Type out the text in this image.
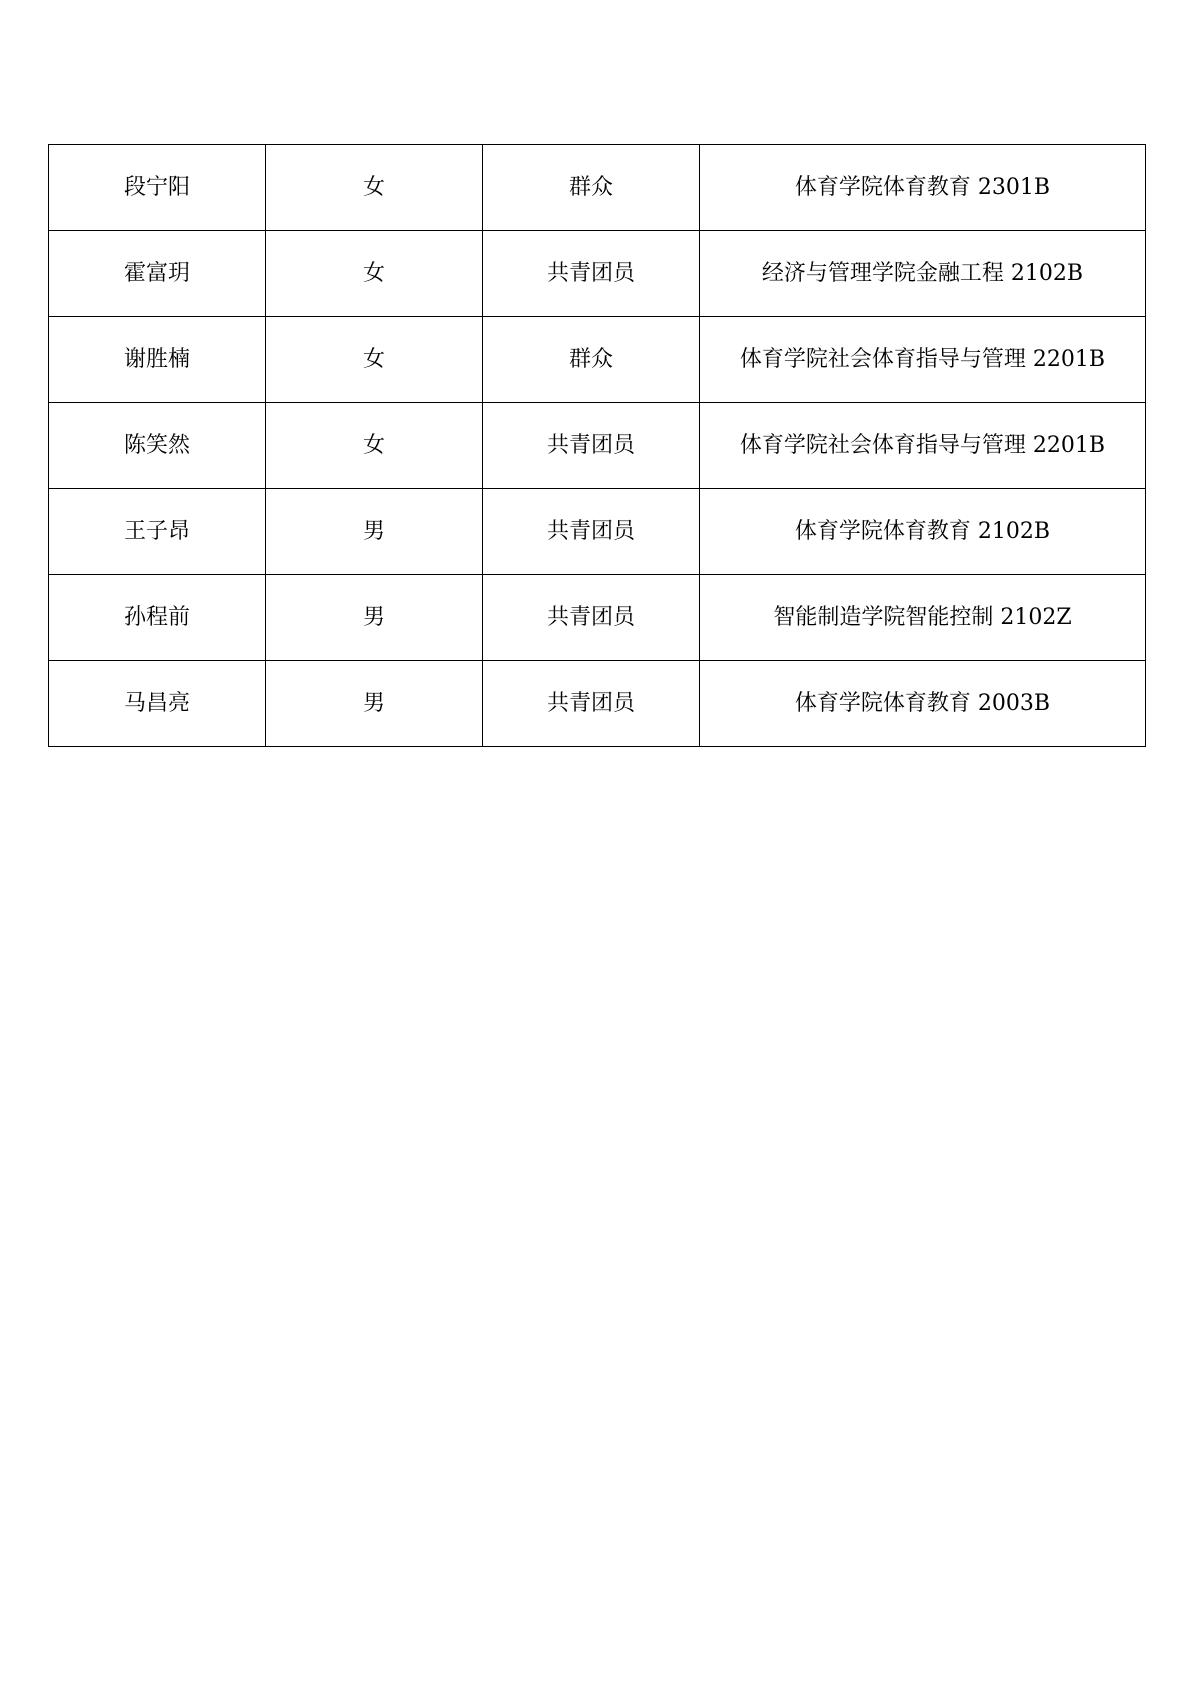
段宁阳	女	群众	体育学院体育教育 2301B
霍富玥	女	共青团员	经济与管理学院金融工程 2102B
谢胜楠	女	群众	体育学院社会体育指导与管理 2201B
陈笑然	女	共青团员	体育学院社会体育指导与管理 2201B
王子昂	男	共青团员	体育学院体育教育 2102B
孙程前	男	共青团员	智能制造学院智能控制 2102Z
马昌亮	男	共青团员	体育学院体育教育 2003B
